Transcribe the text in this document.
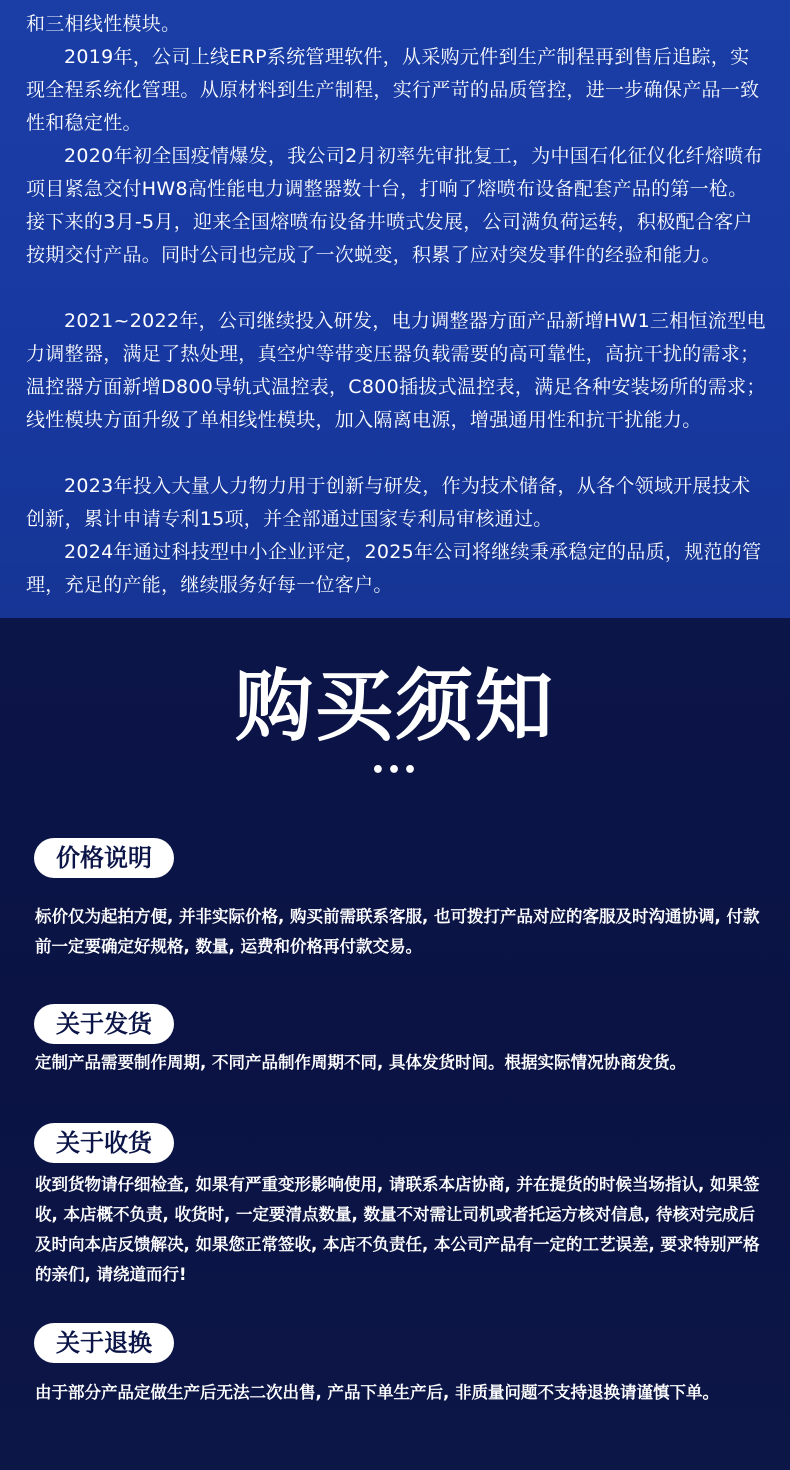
和三相线性模块。

2019年，公司上线ERP系统管理软件，从采购元件到生产制程再到售后追踪，实现全程系统化管理。从原材料到生产制程，实行严苛的品质管控，进一步确保产品一致性和稳定性。

2020年初全国疫情爆发，我公司2月初率先审批复工，为中国石化征仪化纤熔喷布项目紧急交付HW8高性能电力调整器数十台，打响了熔喷布设备配套产品的第一枪。接下来的3月-5月，迎来全国熔喷布设备井喷式发展，公司满负荷运转，积极配合客户按期交付产品。同时公司也完成了一次蜕变，积累了应对突发事件的经验和能力。

2021~2022年，公司继续投入研发，电力调整器方面产品新增HW1三相恒流型电力调整器，满足了热处理，真空炉等带变压器负载需要的高可靠性，高抗干扰的需求；温控器方面新增D800导轨式温控表，C800插拔式温控表，满足各种安装场所的需求；线性模块方面升级了单相线性模块，加入隔离电源，增强通用性和抗干扰能力。

2023年投入大量人力物力用于创新与研发，作为技术储备，从各个领域开展技术创新，累计申请专利15项，并全部通过国家专利局审核通过。

2024年通过科技型中小企业评定，2025年公司将继续秉承稳定的品质，规范的管理，充足的产能，继续服务好每一位客户。

购买须知
•••
价格说明

标价仅为起拍方便, 并非实际价格, 购买前需联系客服, 也可拨打产品对应的客服及时沟通协调, 付款前一定要确定好规格, 数量, 运费和价格再付款交易。

关于发货

定制产品需要制作周期, 不同产品制作周期不同, 具体发货时间。根据实际情况协商发货。

关于收货

收到货物请仔细检查, 如果有严重变形影响使用, 请联系本店协商, 并在提货的时候当场指认, 如果签收, 本店概不负责, 收货时, 一定要清点数量, 数量不对需让司机或者托运方核对信息, 待核对完成后及时向本店反馈解决, 如果您正常签收, 本店不负责任, 本公司产品有一定的工艺误差, 要求特别严格的亲们, 请绕道而行!

关于退换

由于部分产品定做生产后无法二次出售, 产品下单生产后, 非质量问题不支持退换请谨慎下单。
